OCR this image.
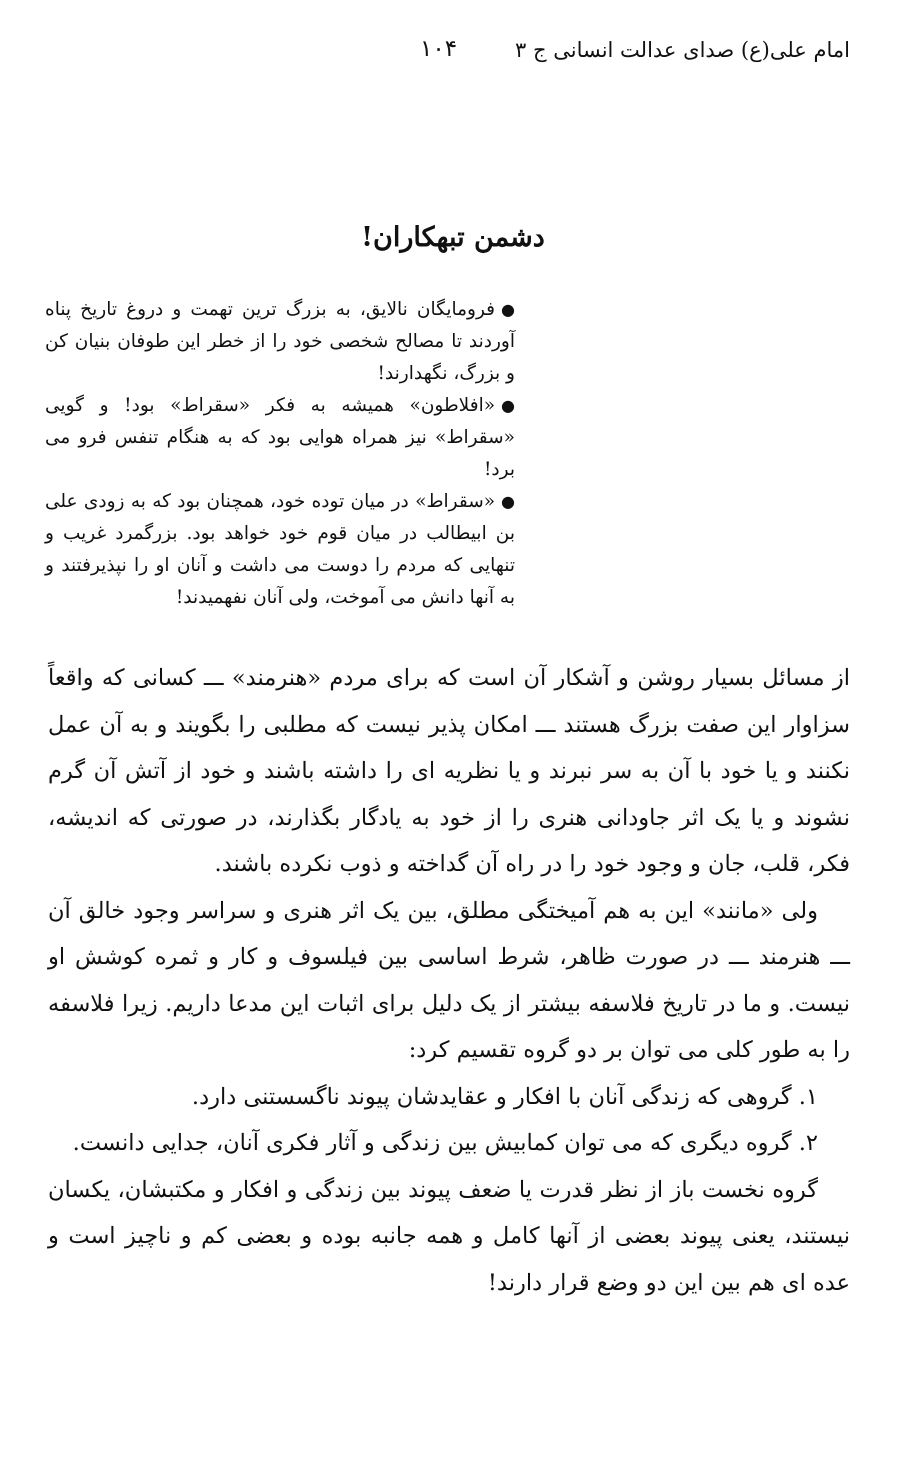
امام علی(ع) صدای عدالت انسانی ج ۳
۱۰۴
دشمن تبهکاران!
●فرومایگان نالایق، به بزرگ ترین تهمت و دروغ تاریخ پناه آوردند تا مصالح شخصی خود را از خطر این طوفان بنیان کن و بزرگ، نگهدارند!
●«افلاطون» همیشه به فکر «سقراط» بود! و گویی «سقراط» نیز همراه هوایی بود که به هنگام تنفس فرو می برد!
●«سقراط» در میان توده خود، همچنان بود که به زودی علی بن ابیطالب در میان قوم خود خواهد بود. بزرگمرد غریب و تنهایی که مردم را دوست می داشت و آنان او را نپذیرفتند و به آنها دانش می آموخت، ولی آنان نفهمیدند!

از مسائل بسیار روشن و آشکار آن است که برای مردم «هنرمند» ـــ کسانی که واقعاً سزاوار این صفت بزرگ هستند ـــ امکان پذیر نیست که مطلبی را بگویند و به آن عمل نکنند و یا خود با آن به سر نبرند و یا نظریه ای را داشته باشند و خود از آتش آن گرم نشوند و یا یک اثر جاودانی هنری را از خود به یادگار بگذارند، در صورتی که اندیشه، فکر، قلب، جان و وجود خود را در راه آن گداخته و ذوب نکرده باشند.

ولی «مانند» این به هم آمیختگی مطلق، بین یک اثر هنری و سراسر وجود خالق آن ـــ هنرمند ـــ در صورت ظاهر، شرط اساسی بین فیلسوف و کار و ثمره کوشش او نیست. و ما در تاریخ فلاسفه بیشتر از یک دلیل برای اثبات این مدعا داریم. زیرا فلاسفه را به طور کلی می توان بر دو گروه تقسیم کرد:

۱. گروهی که زندگی آنان با افکار و عقایدشان پیوند ناگسستنی دارد.

۲. گروه دیگری که می توان کمابیش بین زندگی و آثار فکری آنان، جدایی دانست.

گروه نخست باز از نظر قدرت یا ضعف پیوند بین زندگی و افکار و مکتبشان، یکسان نیستند، یعنی پیوند بعضی از آنها کامل و همه جانبه بوده و بعضی کم و ناچیز است و عده ای هم بین این دو وضع قرار دارند!
